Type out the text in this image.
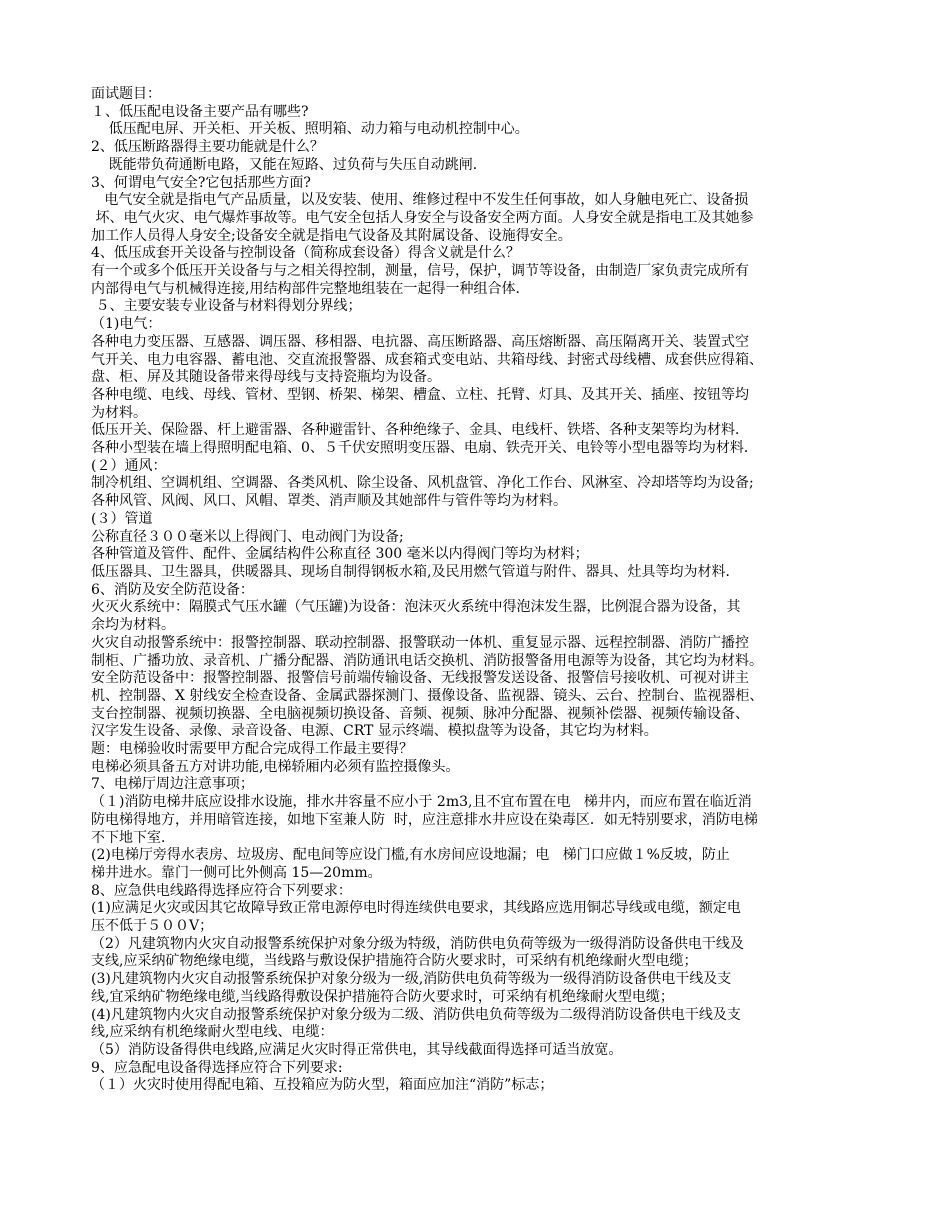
面试题目：
１、低压配电设备主要产品有哪些?
低压配电屏、开关柜、开关板、照明箱、动力箱与电动机控制中心。
2、低压断路器得主要功能就是什么？
既能带负荷通断电路，又能在短路、过负荷与失压自动跳闸．
3、何谓电气安全?它包括那些方面?
电气安全就是指电气产品质量，以及安装、使用、维修过程中不发生任何事故，如人身触电死亡、设备损
坏、电气火灾、电气爆炸事故等。电气安全包括人身安全与设备安全两方面。人身安全就是指电工及其她参
加工作人员得人身安全;设备安全就是指电气设备及其附属设备、设施得安全。
4、低压成套开关设备与控制设备（简称成套设备）得含义就是什么？
有一个或多个低压开关设备与与之相关得控制，测量，信号，保护，调节等设备，由制造厂家负责完成所有
内部得电气与机械得连接,用结构部件完整地组装在一起得一种组合体．
５、主要安装专业设备与材料得划分界线；
（1)电气：
各种电力变压器、互感器、调压器、移相器、电抗器、高压断路器、高压熔断器、高压隔离开关、装置式空
气开关、电力电容器、蓄电池、交直流报警器、成套箱式变电站、共箱母线、封密式母线槽、成套供应得箱、
盘、柜、屏及其随设备带来得母线与支持瓷瓶均为设备。
各种电缆、电线、母线、管材、型钢、桥架、梯架、槽盒、立柱、托臂、灯具、及其开关、插座、按钮等均
为材料。
低压开关、保险器、杆上避雷器、各种避雷针、各种绝缘子、金具、电线杆、铁塔、各种支架等均为材料．
各种小型装在墙上得照明配电箱、0、５千伏安照明变压器、电扇、铁壳开关、电铃等小型电器等均为材料．
(２）通风：
制冷机组、空调机组、空调器、各类风机、除尘设备、风机盘管、净化工作台、风淋室、冷却塔等均为设备;
各种风管、风阀、风口、风帽、罩类、消声顺及其她部件与管件等均为材料。
(３）管道
公称直径３００毫米以上得阀门、电动阀门为设备;
各种管道及管件、配件、金属结构件公称直径 300 毫米以内得阀门等均为材料；
低压器具、卫生器具，供暖器具、现场自制得钢板水箱,及民用燃气管道与附件、器具、灶具等均为材料．
6、消防及安全防范设备：
火灭火系统中：隔膜式气压水罐（气压罐)为设备：泡沫灭火系统中得泡沫发生器，比例混合器为设备，其
余均为材料。
火灾自动报警系统中：报警控制器、联动控制器、报警联动一体机、重复显示器、远程控制器、消防广播控
制柜、广播功放、录音机、广播分配器、消防通讯电话交换机、消防报警备用电源等为设备，其它均为材料。
安全防范设备中：报警控制器、报警信号前端传输设备、无线报警发送设备、报警信号接收机、可视对讲主
机、控制器、X 射线安全检查设备、金属武器探测门、摄像设备、监视器、镜头、云台、控制台、监视器柜、
支台控制器、视频切换器、全电脑视频切换设备、音频、视频、脉冲分配器、视频补偿器、视频传输设备、
汉字发生设备、录像、录音设备、电源、CRT 显示终端、模拟盘等为设备，其它均为材料。
题：电梯验收时需要甲方配合完成得工作最主要得？
电梯必须具备五方对讲功能,电梯轿厢内必须有监控摄像头。
7、电梯厅周边注意事项；
（１)消防电梯井底应设排水设施，排水井容量不应小于 2m3,且不宜布置在电   梯井内，而应布置在临近消
防电梯得地方，并用暗管连接，如地下室兼人防  时，应注意排水井应设在染毒区．如无特别要求，消防电梯
不下地下室．
(2)电梯厅旁得水表房、垃圾房、配电间等应设门槛,有水房间应设地漏；电   梯门口应做１%反坡，防止
梯井进水。靠门一侧可比外侧高 15—20mm。
8、应急供电线路得选择应符合下列要求：
(1)应满足火灾或因其它故障导致正常电源停电时得连续供电要求，其线路应选用铜芯导线或电缆，额定电
压不低于５００V；
（2）凡建筑物内火灾自动报警系统保护对象分级为特级，消防供电负荷等级为一级得消防设备供电干线及
支线,应采纳矿物绝缘电缆，当线路与敷设保护措施符合防火要求时，可采纳有机绝缘耐火型电缆；
(3)凡建筑物内火灾自动报警系统保护对象分级为一级,消防供电负荷等级为一级得消防设备供电干线及支
线,宜采纳矿物绝缘电缆,当线路得敷设保护措施符合防火要求时，可采纳有机绝缘耐火型电缆；
(4)凡建筑物内火灾自动报警系统保护对象分级为二级、消防供电负荷等级为二级得消防设备供电干线及支
线,应采纳有机绝缘耐火型电线、电缆：
（5）消防设备得供电线路,应满足火灾时得正常供电，其导线截面得选择可适当放宽。
9、应急配电设备得选择应符合下列要求:
（１）火灾时使用得配电箱、互投箱应为防火型，箱面应加注“消防”标志；
